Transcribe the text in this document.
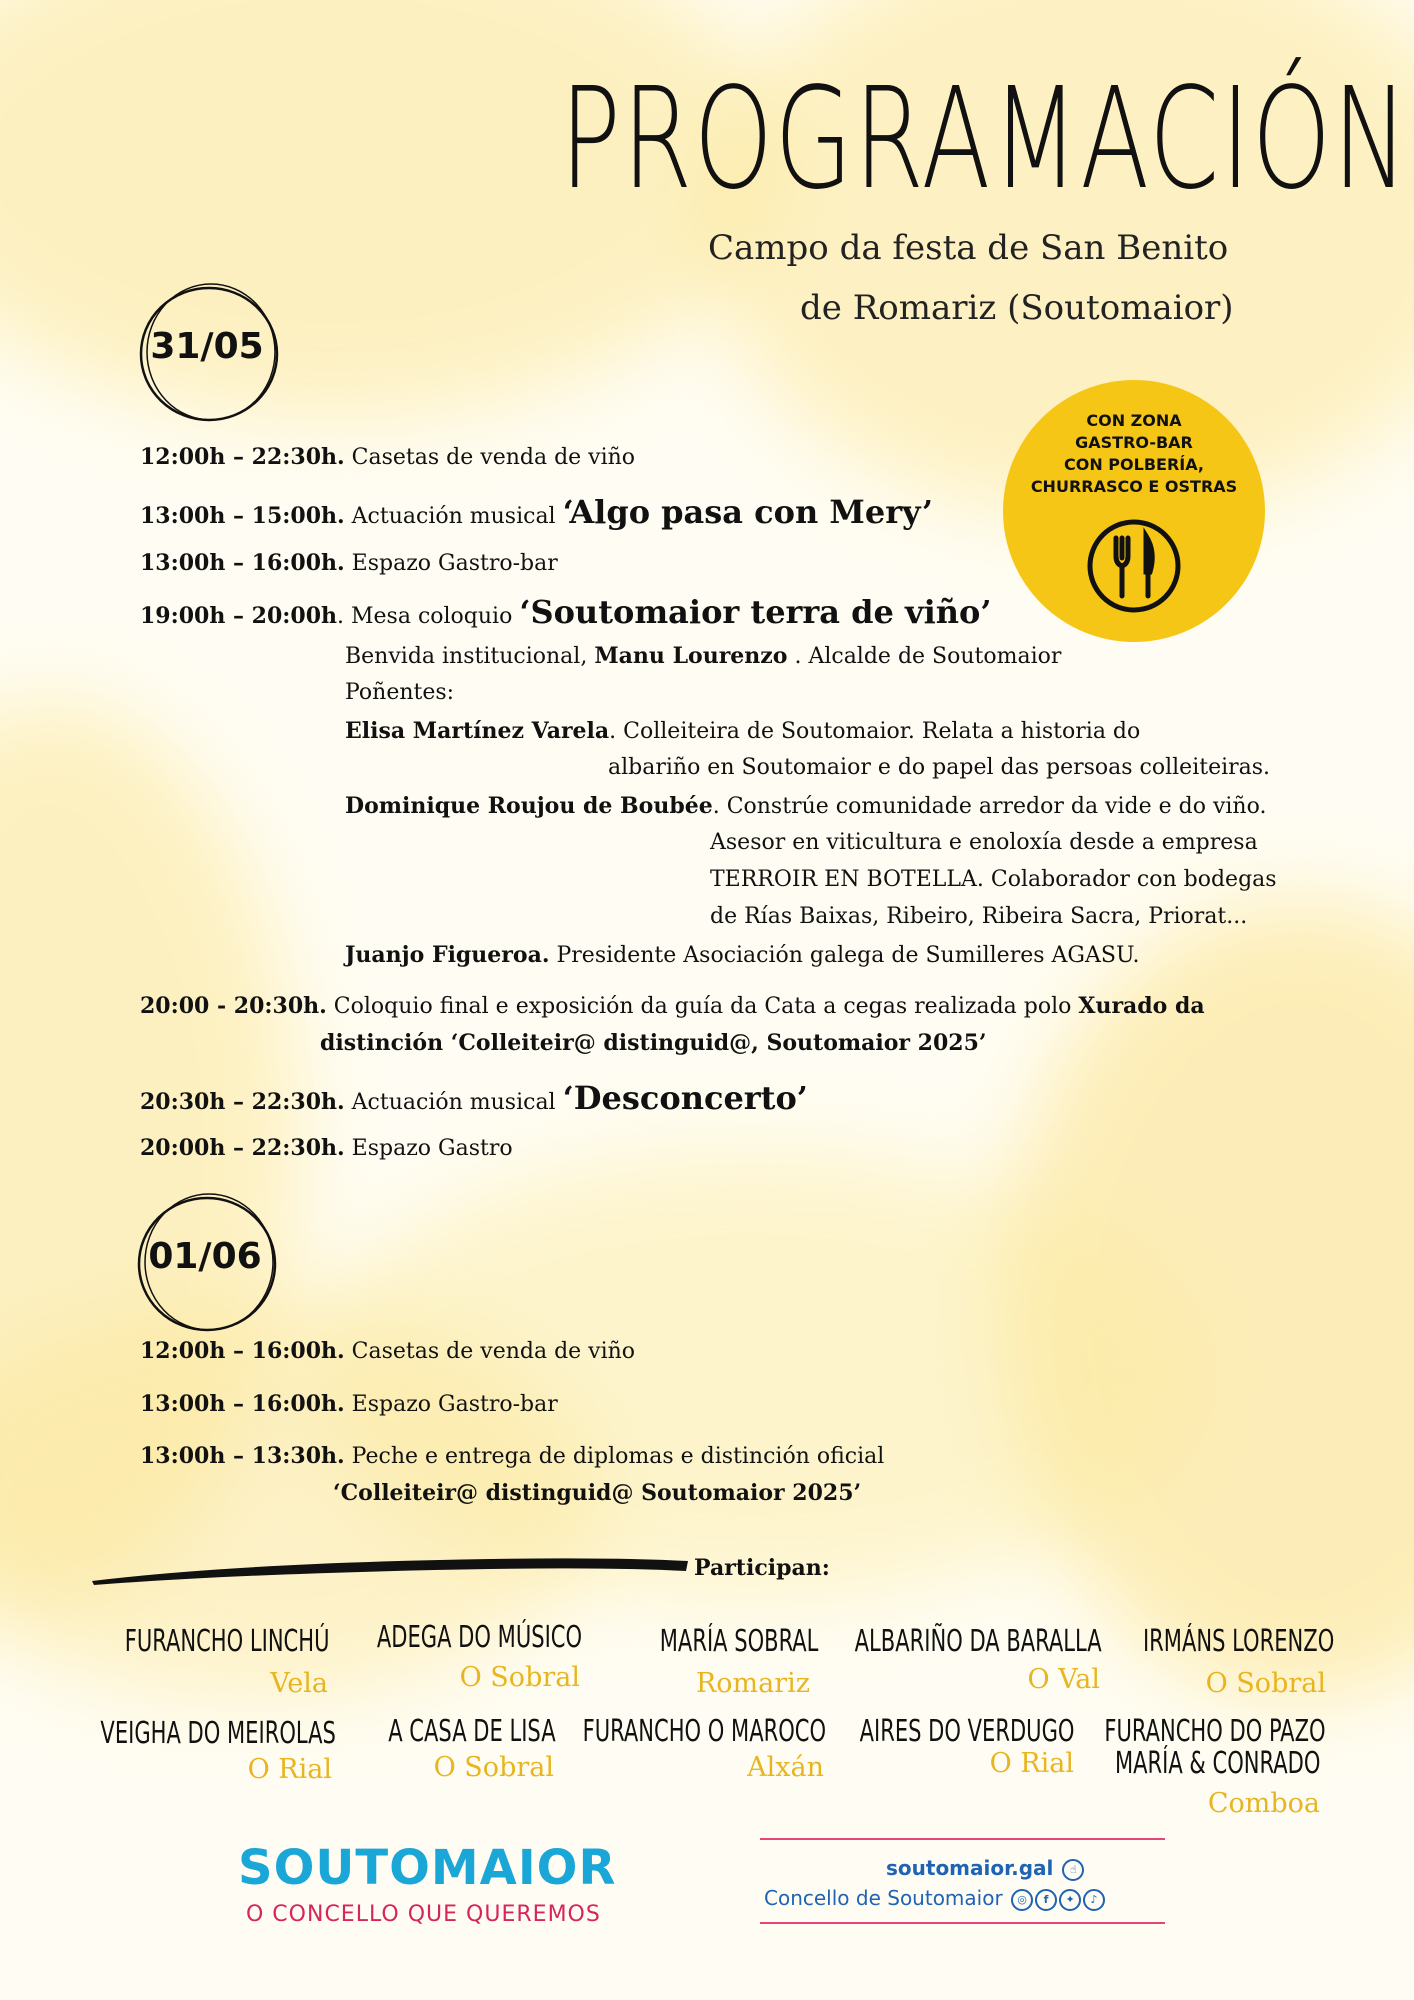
PROGRAMACIÓN
Campo da festa de San Benito
de Romariz (Soutomaior)
CON ZONA
GASTRO-BAR
CON POLBERÍA,
CHURRASCO E OSTRAS
31/05
12:00h – 22:30h. Casetas de venda de viño
13:00h – 15:00h. Actuación musical ‘Algo pasa con Mery’
13:00h – 16:00h. Espazo Gastro-bar
19:00h – 20:00h. Mesa coloquio ‘Soutomaior terra de viño’
Benvida institucional, Manu Lourenzo . Alcalde de Soutomaior
Poñentes:
Elisa Martínez Varela. Colleiteira de Soutomaior. Relata a historia do
albariño en Soutomaior e do papel das persoas colleiteiras.
Dominique Roujou de Boubée. Constrúe comunidade arredor da vide e do viño.
Asesor en viticultura e enoloxía desde a empresa
TERROIR EN BOTELLA. Colaborador con bodegas
de Rías Baixas, Ribeiro, Ribeira Sacra, Priorat...
Juanjo Figueroa. Presidente Asociación galega de Sumilleres AGASU.
20:00 - 20:30h. Coloquio final e exposición da guía da Cata a cegas realizada polo Xurado da
distinción ‘Colleiteir@ distinguid@, Soutomaior 2025’
20:30h – 22:30h. Actuación musical ‘Desconcerto’
20:00h – 22:30h. Espazo Gastro
01/06
12:00h – 16:00h. Casetas de venda de viño
13:00h – 16:00h. Espazo Gastro-bar
13:00h – 13:30h. Peche e entrega de diplomas e distinción oficial
‘Colleiteir@ distinguid@ Soutomaior 2025’
Participan:
FURANCHO LINCHÚ
Vela
ADEGA DO MÚSICO
O Sobral
MARÍA SOBRAL
Romariz
ALBARIÑO DA BARALLA
O Val
IRMÁNS LORENZO
O Sobral
VEIGHA DO MEIROLAS
O Rial
A CASA DE LISA
O Sobral
FURANCHO O MAROCO
Alxán
AIRES DO VERDUGO
O Rial
FURANCHO DO PAZO
MARÍA & CONRADO
Comboa
SOUTOMAIOR
O CONCELLO QUE QUEREMOS
soutomaior.gal ☝
Concello de Soutomaior ◎ f ✦ ♪
